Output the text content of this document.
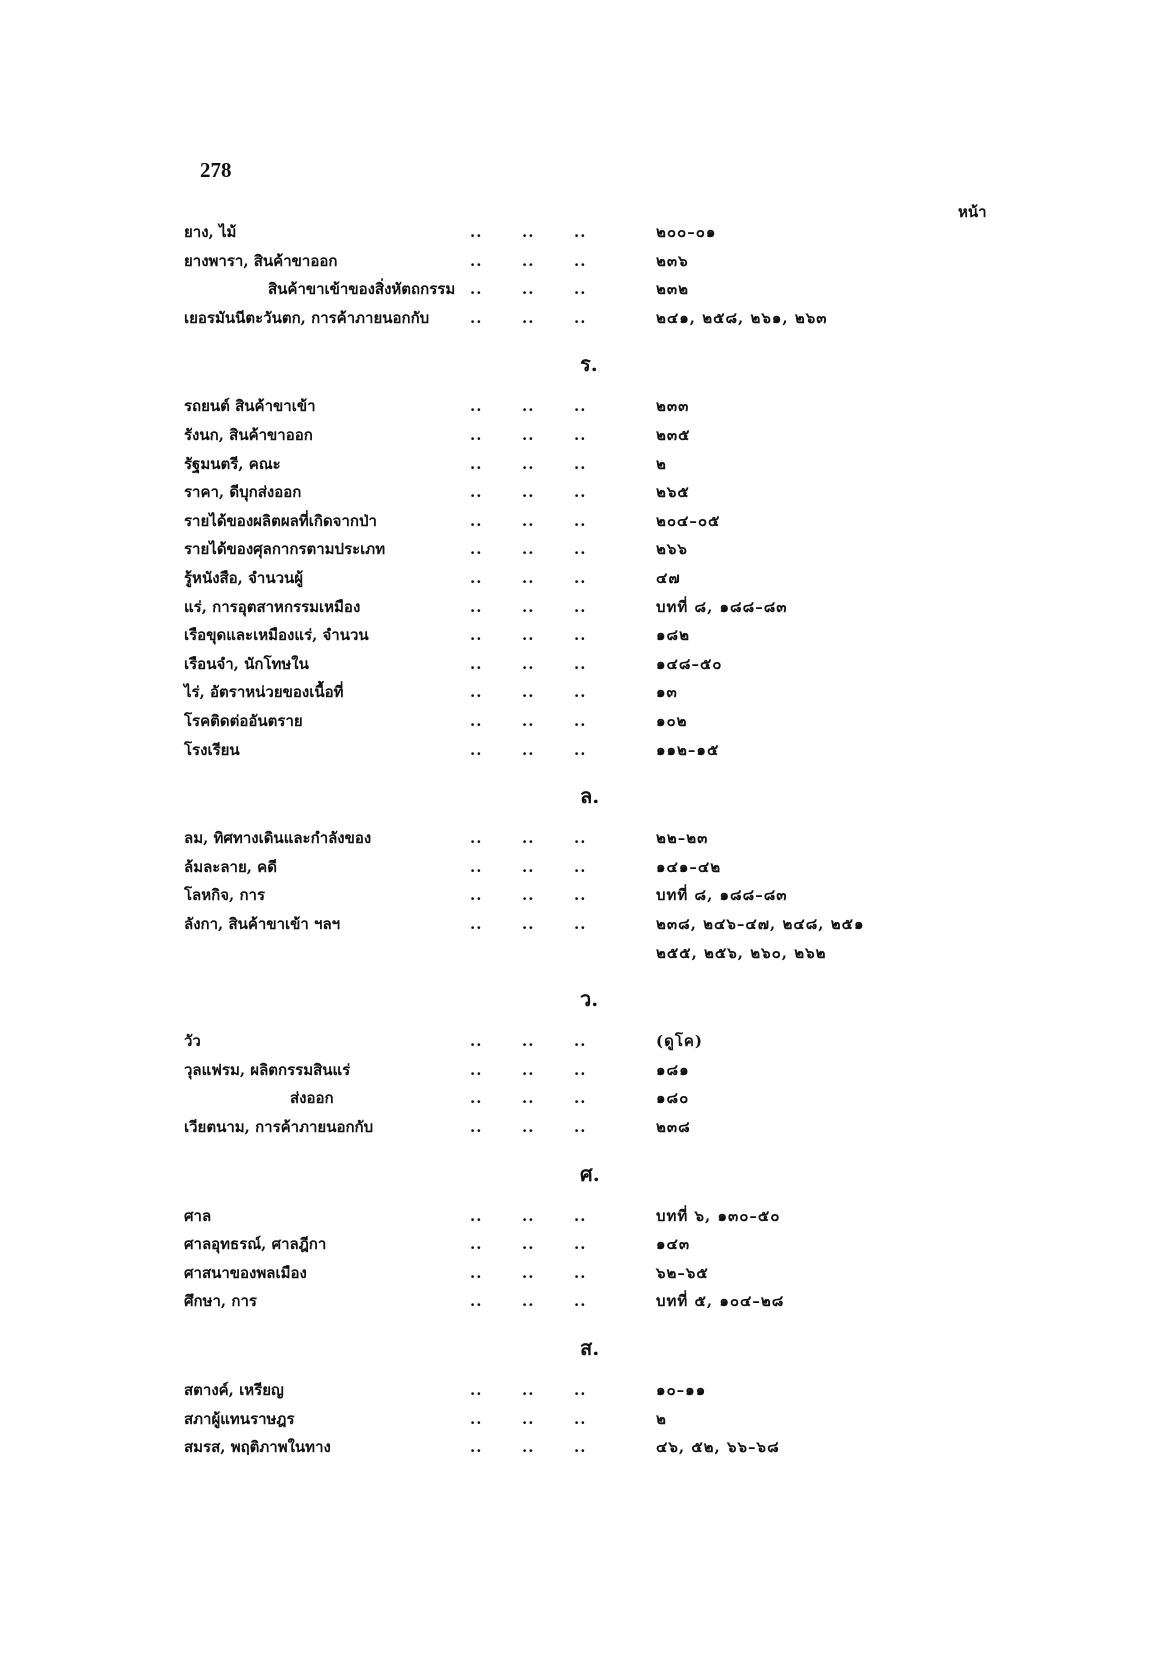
278
หน้า
ยาง, ไม้	..	..	..	๒๐๐–๐๑
ยางพารา, สินค้าขาออก	..	..	..	๒๓๖
สินค้าขาเข้าของสิ่งหัตถกรรม ..	..	..	๒๓๒
เยอรมันนีตะวันตก, การค้าภายนอกกับ	..	..	..	๒๔๑, ๒๕๘, ๒๖๑, ๒๖๓
ร.
รถยนต์ สินค้าขาเข้า	..	..	..	๒๓๓
รังนก, สินค้าขาออก	..	..	..	๒๓๕
รัฐมนตรี, คณะ	..	..	..	๒
ราคา, ดีบุกส่งออก	..	..	..	๒๖๕
รายได้ของผลิตผลที่เกิดจากป่า	..	..	..	๒๐๔–๐๕
รายได้ของศุลกากรตามประเภท	..	..	..	๒๖๖
รู้หนังสือ, จำนวนผู้	..	..	..	๔๗
แร่, การอุตสาหกรรมเหมือง	..	..	..	บทที่ ๘, ๑๘๘–๘๓
เรือขุดและเหมืองแร่, จำนวน	..	..	..	๑๘๒
เรือนจำ, นักโทษใน	..	..	..	๑๔๘–๕๐
ไร่, อัตราหน่วยของเนื้อที่	..	..	..	๑๓
โรคติดต่ออันตราย	..	..	..	๑๐๒
โรงเรียน	..	..	..	๑๑๒–๑๕
ล.
ลม, ทิศทางเดินและกำลังของ	..	..	..	๒๒–๒๓
ล้มละลาย, คดี	..	..	..	๑๔๑–๔๒
โลหกิจ, การ	..	..	..	บทที่ ๘, ๑๘๘–๘๓
ลังกา, สินค้าขาเข้า ฯลฯ	..	..	..	๒๓๘, ๒๔๖–๔๗, ๒๔๘, ๒๕๑
๒๕๕, ๒๕๖, ๒๖๐, ๒๖๒
ว.
วัว	..	..	..	(ดูโค)
วุลแฟรม, ผลิตกรรมสินแร่	..	..	..	๑๘๑
ส่งออก	..	..	..	๑๘๐
เวียตนาม, การค้าภายนอกกับ	..	..	..	๒๓๘
ศ.
ศาล	..	..	..	บทที่ ๖, ๑๓๐–๕๐
ศาลอุทธรณ์, ศาลฎีกา	..	..	..	๑๔๓
ศาสนาของพลเมือง	..	..	..	๖๒–๖๕
ศึกษา, การ	..	..	..	บทที่ ๕, ๑๐๔–๒๘
ส.
สตางค์, เหรียญ	..	..	..	๑๐–๑๑
สภาผู้แทนราษฎร	..	..	..	๒
สมรส, พฤติภาพในทาง	..	..	..	๔๖, ๕๒, ๖๖–๖๘
